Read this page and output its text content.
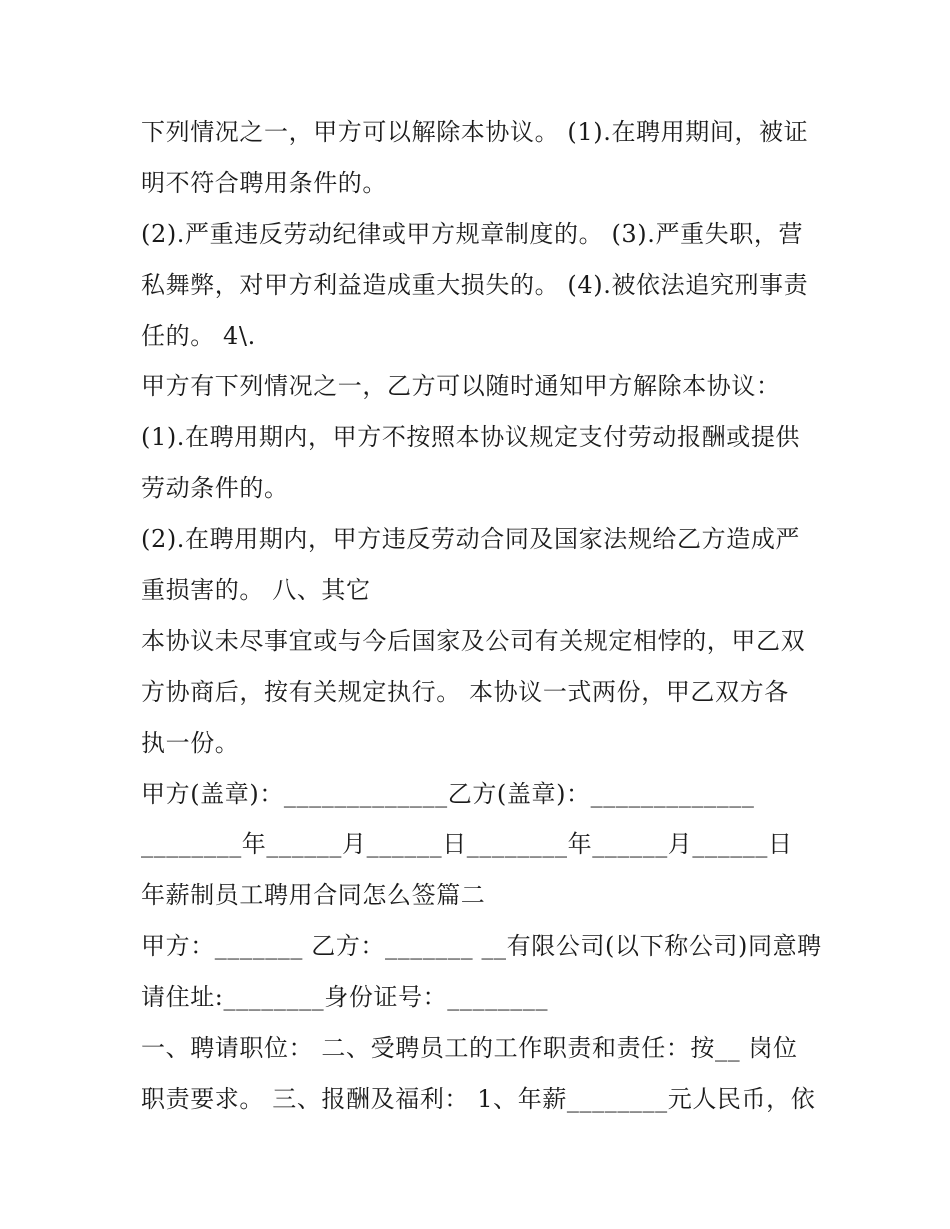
下列情况之一，甲方可以解除本协议。 (1).在聘用期间，被证
明不符合聘用条件的。
(2).严重违反劳动纪律或甲方规章制度的。 (3).严重失职，营
私舞弊，对甲方利益造成重大损失的。 (4).被依法追究刑事责
任的。 4\.
甲方有下列情况之一，乙方可以随时通知甲方解除本协议：
(1).在聘用期内，甲方不按照本协议规定支付劳动报酬或提供
劳动条件的。
(2).在聘用期内，甲方违反劳动合同及国家法规给乙方造成严
重损害的。 八、其它
本协议未尽事宜或与今后国家及公司有关规定相悖的，甲乙双
方协商后，按有关规定执行。 本协议一式两份，甲乙双方各
执一份。
甲方(盖章)：_____________乙方(盖章)：_____________
________年______月______日________年______月______日
年薪制员工聘用合同怎么签篇二
甲方：_______ 乙方：_______ __有限公司(以下称公司)同意聘
请住址:________身份证号：________
一、聘请职位： 二、受聘员工的工作职责和责任：按__ 岗位
职责要求。 三、报酬及福利： 1、年薪________元人民币，依
